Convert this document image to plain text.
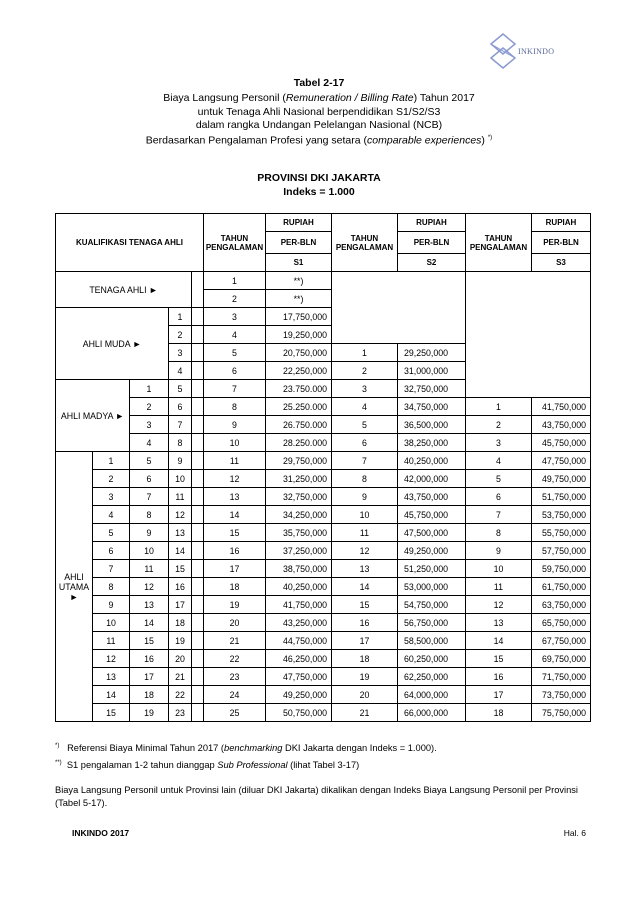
INKINDO
Tabel 2-17
Biaya Langsung Personil (Remuneration / Billing Rate) Tahun 2017
untuk Tenaga Ahli Nasional berpendidikan S1/S2/S3
dalam rangka Undangan Pelelangan Nasional (NCB)
Berdasarkan Pengalaman Profesi yang setara (comparable experiences) *)
PROVINSI DKI JAKARTA
Indeks = 1.000
KUALIFIKASI TENAGA AHLI					TAHUN PENGALAMAN	RUPIAH	TAHUN PENGALAMAN	RUPIAH	TAHUN PENGALAMAN	RUPIAH
						PER-BLN		PER-BLN		PER-BLN
						S1		S2		S3
TENAGA AHLI ►					1	**)				
					2	**)				
AHLI MUDA ►			1		3	17,750,000				
			2		4	19,250,000				
			3		5	20,750,000	1	29,250,000		
			4		6	22,250,000	2	31,000,000		
AHLI MADYA ►		1	5		7	23.750.000	3	32,750,000		
		2	6		8	25.250.000	4	34,750,000	1	41,750,000
		3	7		9	26.750.000	5	36,500,000	2	43,750,000
		4	8		10	28.250.000	6	38,250,000	3	45,750,000
AHLI UTAMA ►	1	5	9		11	29,750,000	7	40,250,000	4	47,750,000
	2	6	10		12	31,250,000	8	42,000,000	5	49,750,000
	3	7	11		13	32,750,000	9	43,750,000	6	51,750,000
	4	8	12		14	34,250,000	10	45,750,000	7	53,750,000
	5	9	13		15	35,750,000	11	47,500,000	8	55,750,000
	6	10	14		16	37,250,000	12	49,250,000	9	57,750,000
	7	11	15		17	38,750,000	13	51,250,000	10	59,750,000
	8	12	16		18	40,250,000	14	53,000,000	11	61,750,000
	9	13	17		19	41,750,000	15	54,750,000	12	63,750,000
	10	14	18		20	43,250,000	16	56,750,000	13	65,750,000
	11	15	19		21	44,750,000	17	58,500,000	14	67,750,000
	12	16	20		22	46,250,000	18	60,250,000	15	69,750,000
	13	17	21		23	47,750,000	19	62,250,000	16	71,750,000
	14	18	22		24	49,250,000	20	64,000,000	17	73,750,000
	15	19	23		25	50,750,000	21	66,000,000	18	75,750,000
*) Referensi Biaya Minimal Tahun 2017 (benchmarking DKI Jakarta dengan Indeks = 1.000).
**) S1 pengalaman 1-2 tahun dianggap Sub Professional (lihat Tabel 3-17)
Biaya Langsung Personil untuk Provinsi lain (diluar DKI Jakarta) dikalikan dengan Indeks Biaya Langsung Personil per Provinsi (Tabel 5-17).
INKINDO 2017	Hal. 6
